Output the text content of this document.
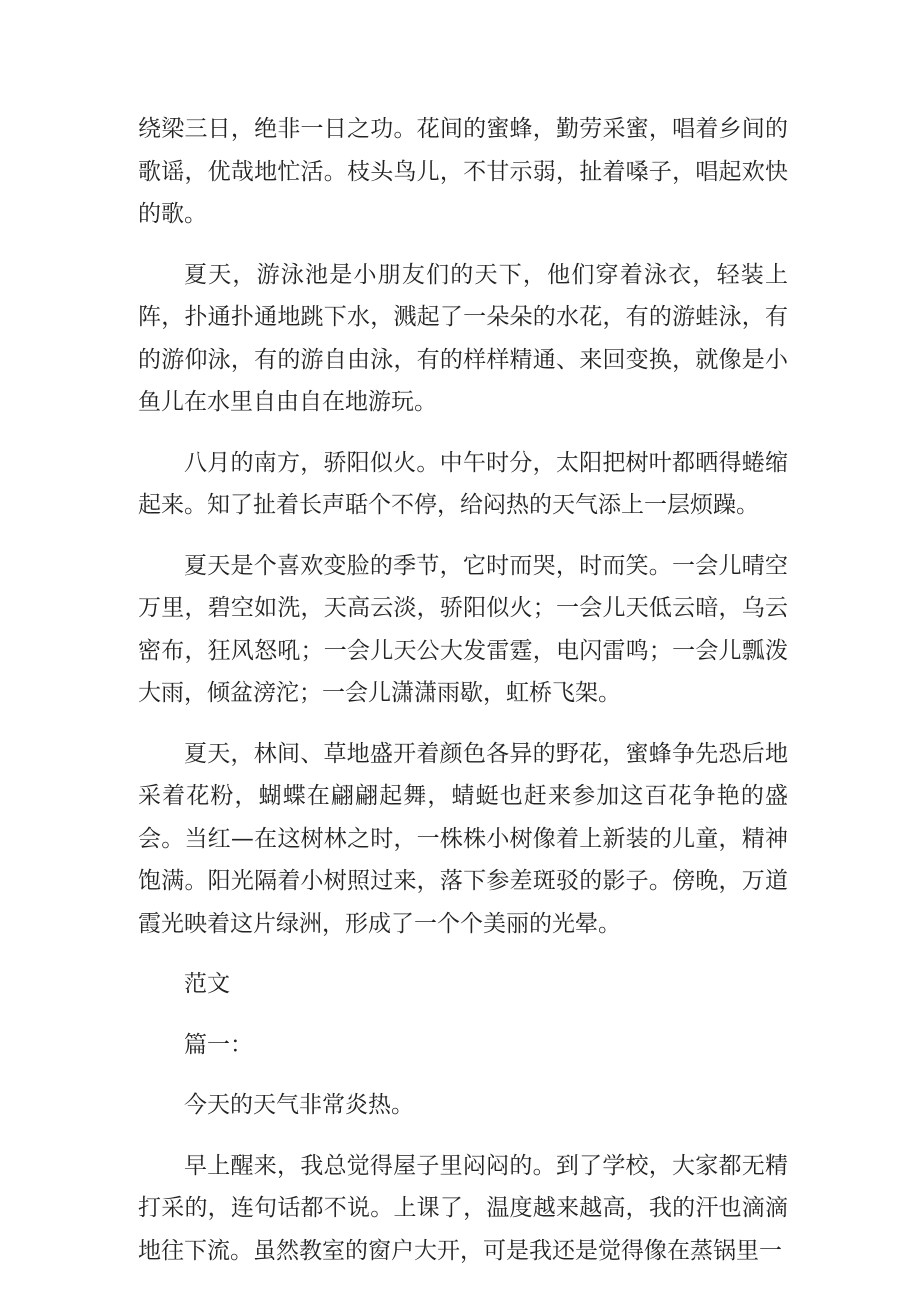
绕梁三日，绝非一日之功。花间的蜜蜂，勤劳采蜜，唱着乡间的歌谣，优哉地忙活。枝头鸟儿，不甘示弱，扯着嗓子，唱起欢快的歌。

夏天，游泳池是小朋友们的天下，他们穿着泳衣，轻装上阵，扑通扑通地跳下水，溅起了一朵朵的水花，有的游蛙泳，有的游仰泳，有的游自由泳，有的样样精通、来回变换，就像是小鱼儿在水里自由自在地游玩。

八月的南方，骄阳似火。中午时分，太阳把树叶都晒得蜷缩起来。知了扯着长声聒个不停，给闷热的天气添上一层烦躁。

夏天是个喜欢变脸的季节，它时而哭，时而笑。一会儿晴空万里，碧空如洗，天高云淡，骄阳似火；一会儿天低云暗，乌云密布，狂风怒吼；一会儿天公大发雷霆，电闪雷鸣；一会儿瓢泼大雨，倾盆滂沱；一会儿潇潇雨歇，虹桥飞架。

夏天，林间、草地盛开着颜色各异的野花，蜜蜂争先恐后地采着花粉，蝴蝶在翩翩起舞，蜻蜓也赶来参加这百花争艳的盛会。当红—在这树林之时，一株株小树像着上新装的儿童，精神饱满。阳光隔着小树照过来，落下参差斑驳的影子。傍晚，万道霞光映着这片绿洲，形成了一个个美丽的光晕。

范文

篇一：

今天的天气非常炎热。

早上醒来，我总觉得屋子里闷闷的。到了学校，大家都无精打采的，连句话都不说。上课了，温度越来越高，我的汗也滴滴地往下流。虽然教室的窗户大开，可是我还是觉得像在蒸锅里一
